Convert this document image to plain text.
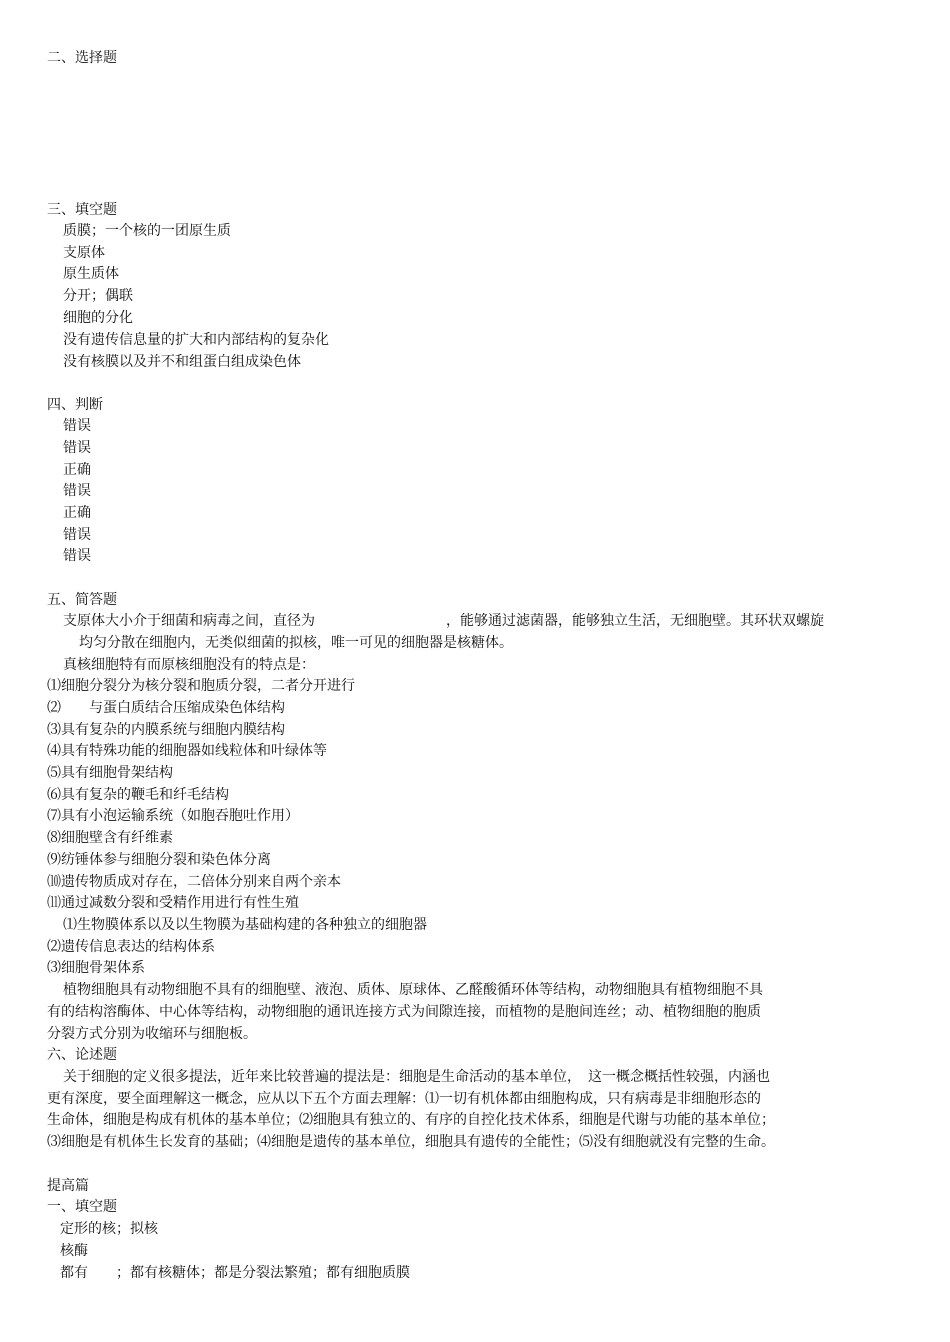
二、选择题
三、填空题
质膜；一个核的一团原生质
支原体
原生质体
分开；偶联
细胞的分化
没有遗传信息量的扩大和内部结构的复杂化
没有核膜以及并不和组蛋白组成染色体
四、判断
错误
错误
正确
错误
正确
错误
错误
五、简答题
支原体大小介于细菌和病毒之间，直径为	，能够通过滤菌器，能够独立生活，无细胞壁。其环状双螺旋
均匀分散在细胞内，无类似细菌的拟核，唯一可见的细胞器是核糖体。
真核细胞特有而原核细胞没有的特点是：
⑴细胞分裂分为核分裂和胞质分裂，二者分开进行
⑵　　与蛋白质结合压缩成染色体结构
⑶具有复杂的内膜系统与细胞内膜结构
⑷具有特殊功能的细胞器如线粒体和叶绿体等
⑸具有细胞骨架结构
⑹具有复杂的鞭毛和纤毛结构
⑺具有小泡运输系统（如胞吞胞吐作用）
⑻细胞壁含有纤维素
⑼纺锤体参与细胞分裂和染色体分离
⑽遗传物质成对存在，二倍体分别来自两个亲本
⑾通过减数分裂和受精作用进行有性生殖
⑴生物膜体系以及以生物膜为基础构建的各种独立的细胞器
⑵遗传信息表达的结构体系
⑶细胞骨架体系
植物细胞具有动物细胞不具有的细胞壁、液泡、质体、原球体、乙醛酸循环体等结构，动物细胞具有植物细胞不具
有的结构溶酶体、中心体等结构，动物细胞的通讯连接方式为间隙连接，而植物的是胞间连丝；动、植物细胞的胞质
分裂方式分别为收缩环与细胞板。
六、论述题
关于细胞的定义很多提法，近年来比较普遍的提法是：细胞是生命活动的基本单位，　这一概念概括性较强，内涵也
更有深度，要全面理解这一概念，应从以下五个方面去理解：⑴一切有机体都由细胞构成，只有病毒是非细胞形态的
生命体，细胞是构成有机体的基本单位；⑵细胞具有独立的、有序的自控化技术体系，细胞是代谢与功能的基本单位；
⑶细胞是有机体生长发育的基础；⑷细胞是遗传的基本单位，细胞具有遗传的全能性；⑸没有细胞就没有完整的生命。
提高篇
一、填空题
定形的核；拟核
核酶
都有　　；都有核糖体；都是分裂法繁殖；都有细胞质膜
